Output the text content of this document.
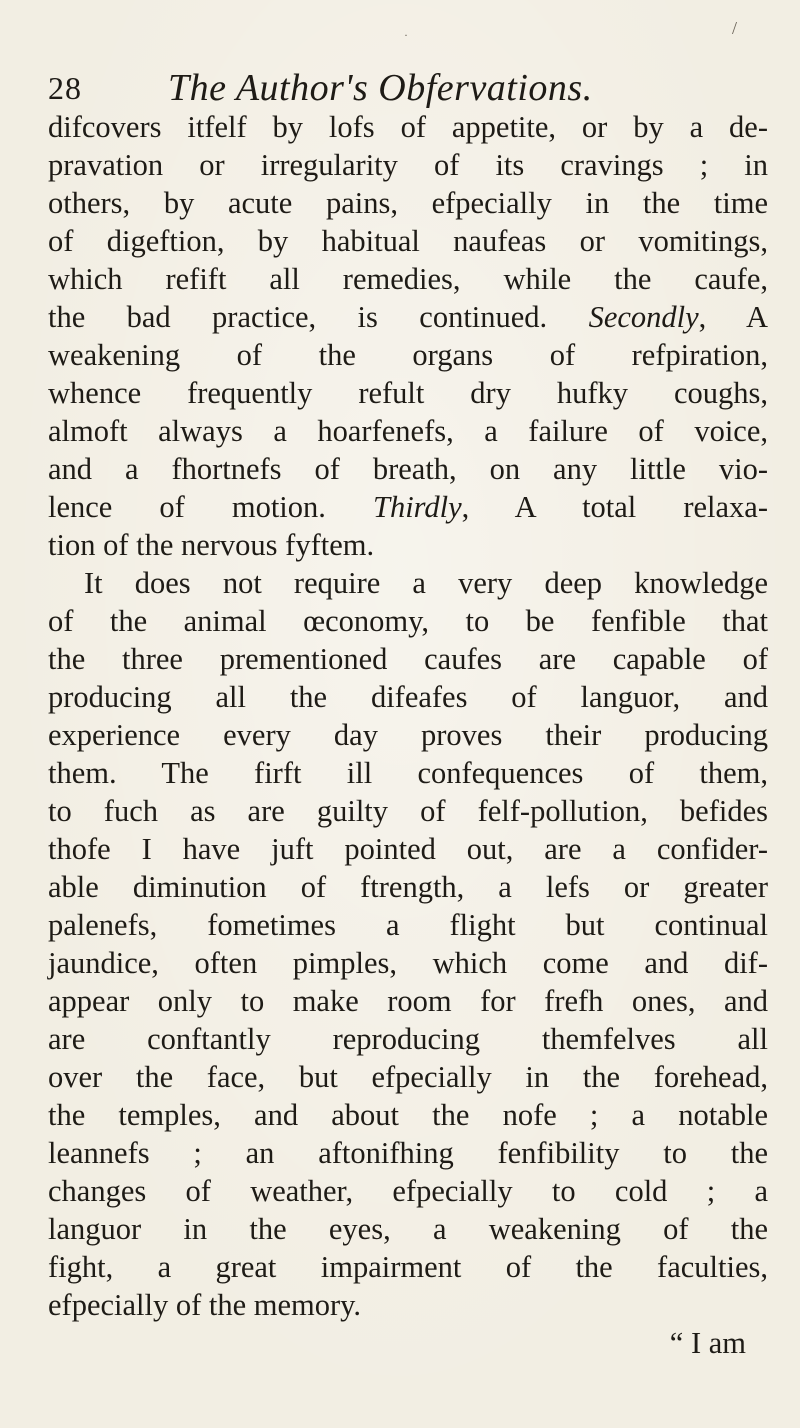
/
·
28 The Author's Obfervations.
difcovers itfelf by lofs of appetite, or by a de-
pravation or irregularity of its cravings ; in
others, by acute pains, efpecially in the time
of digeftion, by habitual naufeas or vomitings,
which refift all remedies, while the caufe,
the bad practice, is continued. Secondly, A
weakening of the organs of refpiration,
whence frequently refult dry hufky coughs,
almoft always a hoarfenefs, a failure of voice,
and a fhortnefs of breath, on any little vio-
lence of motion. Thirdly, A total relaxa-
tion of the nervous fyftem.
It does not require a very deep knowledge
of the animal œconomy, to be fenfible that
the three prementioned caufes are capable of
producing all the difeafes of languor, and
experience every day proves their producing
them. The firft ill confequences of them,
to fuch as are guilty of felf-pollution, befides
thofe I have juft pointed out, are a confider-
able diminution of ftrength, a lefs or greater
palenefs, fometimes a flight but continual
jaundice, often pimples, which come and dif-
appear only to make room for frefh ones, and
are conftantly reproducing themfelves all
over the face, but efpecially in the forehead,
the temples, and about the nofe ; a notable
leannefs ; an aftonifhing fenfibility to the
changes of weather, efpecially to cold ; a
languor in the eyes, a weakening of the
fight, a great impairment of the faculties,
efpecially of the memory.
“ I am
